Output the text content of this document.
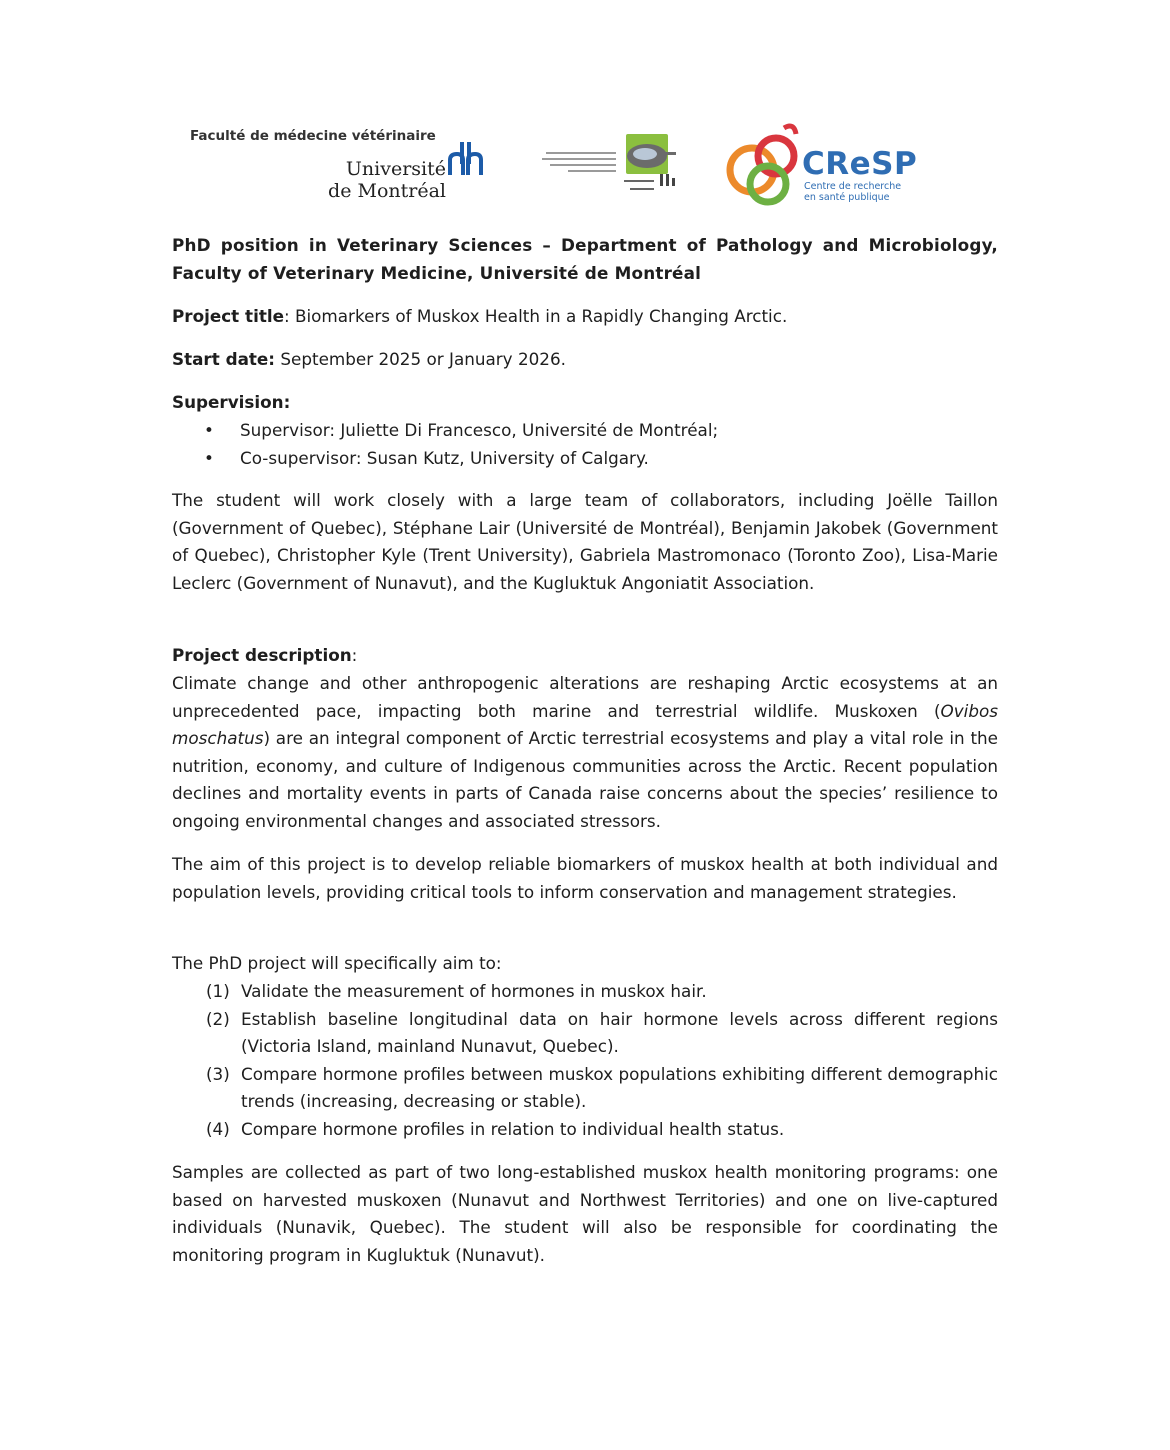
Faculté de médecine vétérinaire
Université
de Montréal
CReSP
Centre de recherche
en santé publique
PhD position in Veterinary Sciences – Department of Pathology and Microbiology,
Faculty of Veterinary Medicine, Université de Montréal
Project title: Biomarkers of Muskox Health in a Rapidly Changing Arctic.
Start date: September 2025 or January 2026.
Supervision:
• Supervisor: Juliette Di Francesco, Université de Montréal;
• Co-supervisor: Susan Kutz, University of Calgary.
The student will work closely with a large team of collaborators, including Joëlle Taillon (Government of Quebec), Stéphane Lair (Université de Montréal), Benjamin Jakobek (Government of Quebec), Christopher Kyle (Trent University), Gabriela Mastromonaco (Toronto Zoo), Lisa-Marie Leclerc (Government of Nunavut), and the Kugluktuk Angoniatit Association.
Project description:
Climate change and other anthropogenic alterations are reshaping Arctic ecosystems at an unprecedented pace, impacting both marine and terrestrial wildlife. Muskoxen (Ovibos moschatus) are an integral component of Arctic terrestrial ecosystems and play a vital role in the nutrition, economy, and culture of Indigenous communities across the Arctic. Recent population declines and mortality events in parts of Canada raise concerns about the species’ resilience to ongoing environmental changes and associated stressors.
The aim of this project is to develop reliable biomarkers of muskox health at both individual and population levels, providing critical tools to inform conservation and management strategies.
The PhD project will specifically aim to:
(1) Validate the measurement of hormones in muskox hair.
(2) Establish baseline longitudinal data on hair hormone levels across different regions (Victoria Island, mainland Nunavut, Quebec).
(3) Compare hormone profiles between muskox populations exhibiting different demographic trends (increasing, decreasing or stable).
(4) Compare hormone profiles in relation to individual health status.
Samples are collected as part of two long-established muskox health monitoring programs: one based on harvested muskoxen (Nunavut and Northwest Territories) and one on live-captured individuals (Nunavik, Quebec). The student will also be responsible for coordinating the monitoring program in Kugluktuk (Nunavut).
